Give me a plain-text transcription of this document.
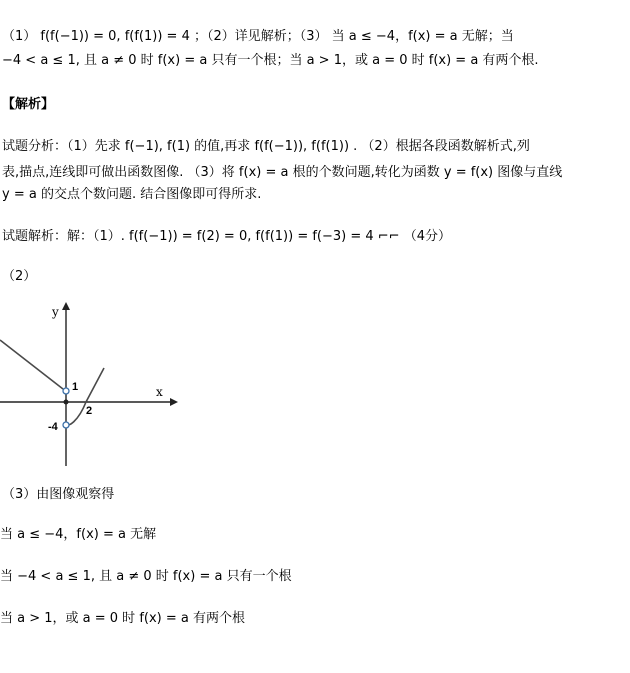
（1） f(f(−1)) = 0, f(f(1)) = 4 ；（2）详见解析；（3） 当 a ≤ −4，f(x) = a 无解；当
−4 < a ≤ 1, 且 a ≠ 0 时 f(x) = a 只有一个根；当 a > 1，或 a = 0 时 f(x) = a 有两个根.
【解析】
试题分析：（1）先求 f(−1), f(1) 的值,再求 f(f(−1)), f(f(1)) . （2）根据各段函数解析式,列
表,描点,连线即可做出函数图像. （3）将 f(x) = a 根的个数问题,转化为函数 y = f(x) 图像与直线
y = a 的交点个数问题. 结合图像即可得所求.
试题解析：解：（1）. f(f(−1)) = f(2) = 0, f(f(1)) = f(−3) = 4 ⌐⌐ （4分）
（2）
y
x
1
2
-4
（3）由图像观察得
当 a ≤ −4，f(x) = a 无解
当 −4 < a ≤ 1, 且 a ≠ 0 时 f(x) = a 只有一个根
当 a > 1，或 a = 0 时 f(x) = a 有两个根
